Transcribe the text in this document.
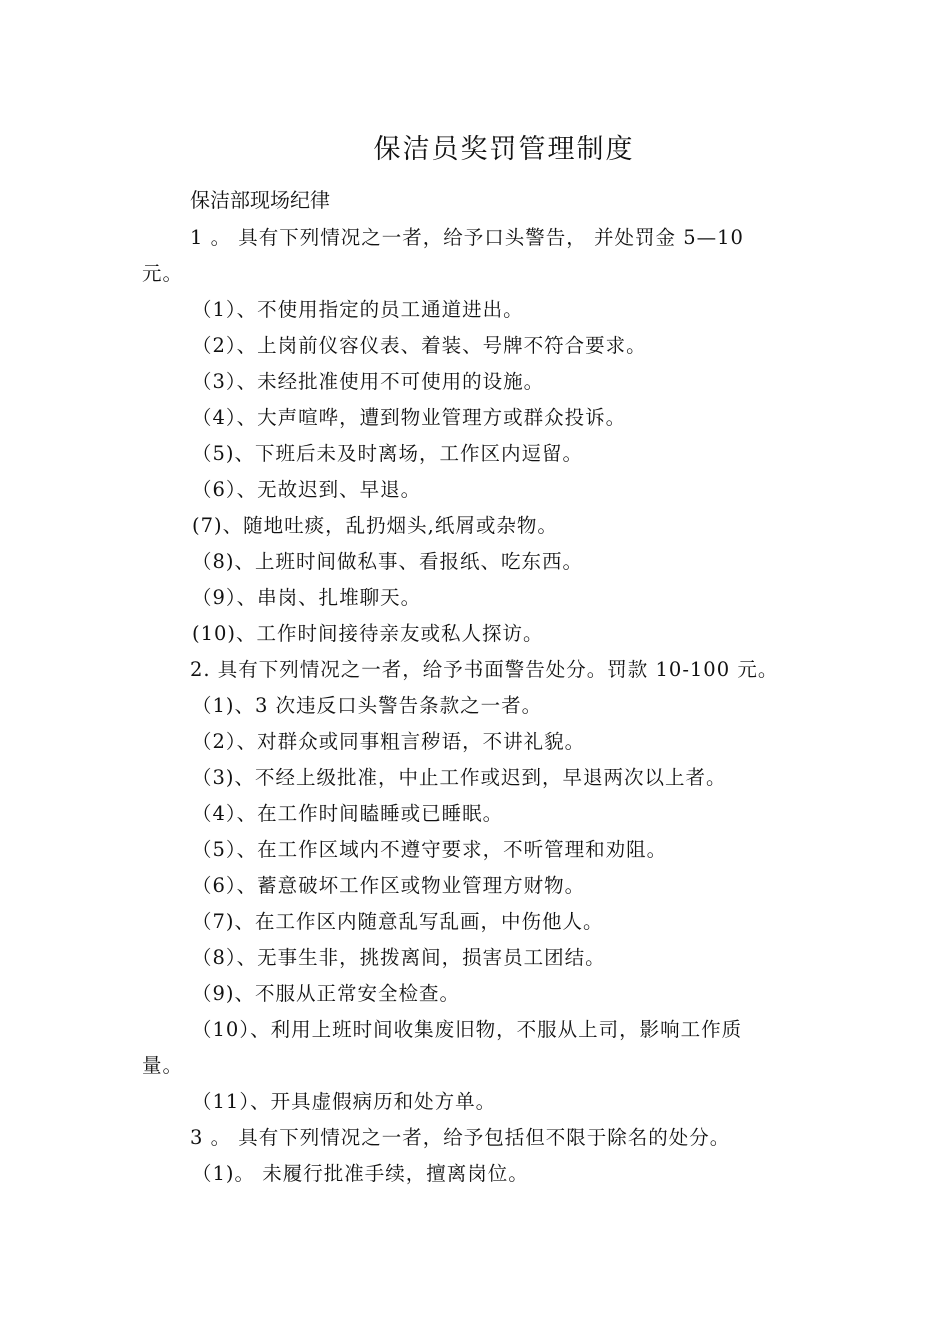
保洁员奖罚管理制度
保洁部现场纪律
1 。 具有下列情况之一者，给予口头警告， 并处罚金 5—10
元。
（1）、不使用指定的员工通道进出。
（2）、上岗前仪容仪表、着装、号牌不符合要求。
（3）、未经批准使用不可使用的设施。
（4）、大声喧哗，遭到物业管理方或群众投诉。
（5)、下班后未及时离场，工作区内逗留。
（6）、无故迟到、早退。
(7)、随地吐痰，乱扔烟头,纸屑或杂物。
（8)、上班时间做私事、看报纸、吃东西。
（9）、串岗、扎堆聊天。
(10)、工作时间接待亲友或私人探访。
2. 具有下列情况之一者，给予书面警告处分。罚款 10-100 元。
（1)、3 次违反口头警告条款之一者。
（2）、对群众或同事粗言秽语，不讲礼貌。
（3)、不经上级批准，中止工作或迟到，早退两次以上者。
（4）、在工作时间瞌睡或已睡眠。
（5）、在工作区域内不遵守要求，不听管理和劝阻。
（6）、蓄意破坏工作区或物业管理方财物。
（7)、在工作区内随意乱写乱画，中伤他人。
（8）、无事生非，挑拨离间，损害员工团结。
（9)、不服从正常安全检查。
（10）、利用上班时间收集废旧物，不服从上司，影响工作质
量。
（11）、开具虚假病历和处方单。
3 。 具有下列情况之一者，给予包括但不限于除名的处分。
（1)。 未履行批准手续，擅离岗位。
